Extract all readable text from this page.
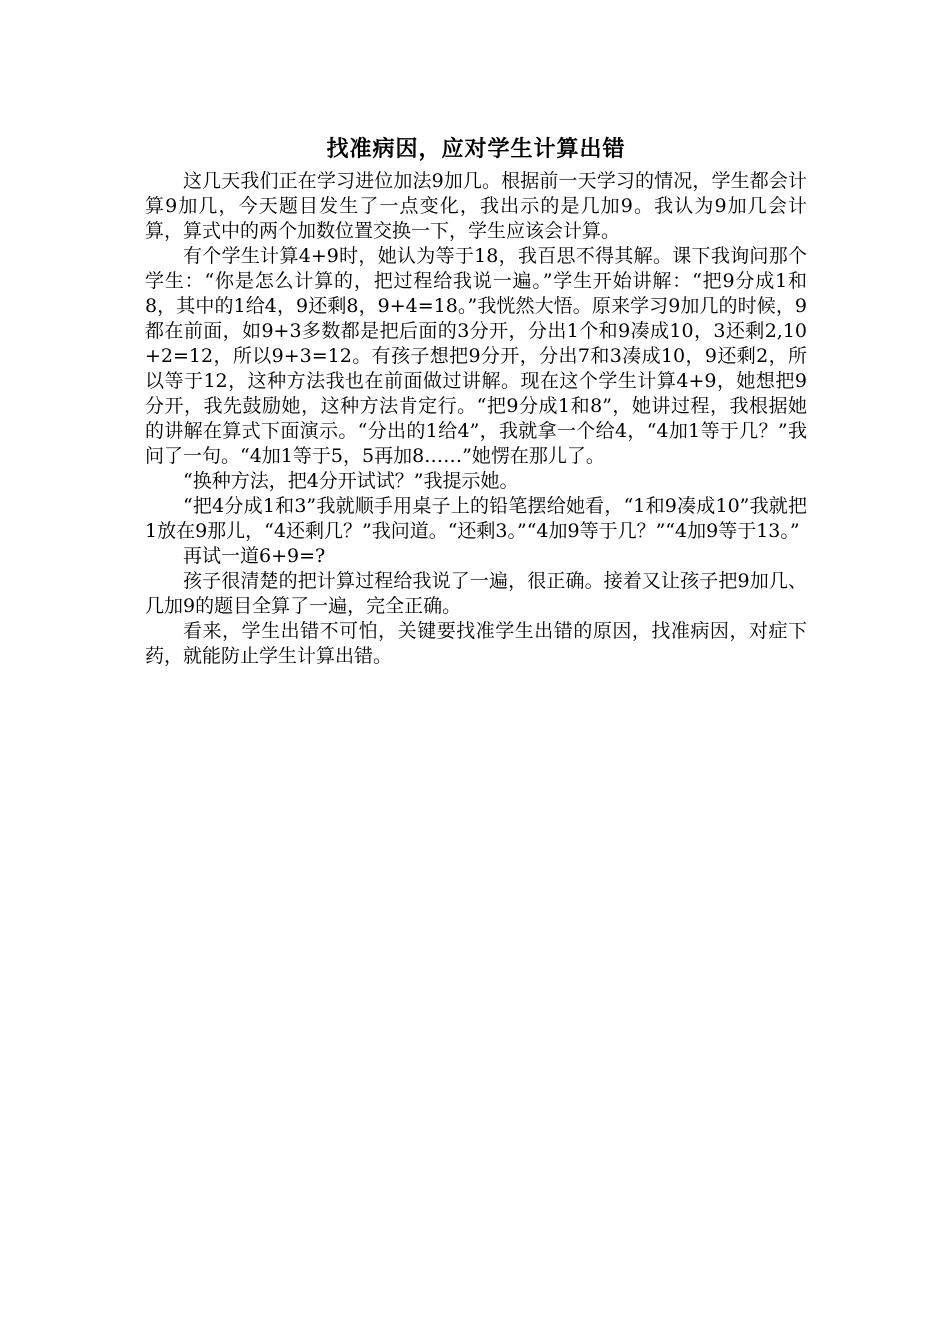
找准病因，应对学生计算出错

这几天我们正在学习进位加法9加几。根据前一天学习的情况，学生都会计算9加几，今天题目发生了一点变化，我出示的是几加9。我认为9加几会计算，算式中的两个加数位置交换一下，学生应该会计算。

有个学生计算4+9时，她认为等于18，我百思不得其解。课下我询问那个学生：“你是怎么计算的，把过程给我说一遍。”学生开始讲解：“把9分成1和8，其中的1给4，9还剩8，9+4=18。”我恍然大悟。原来学习9加几的时候，9都在前面，如9+3多数都是把后面的3分开，分出1个和9凑成10，3还剩2,10+2=12，所以9+3=12。有孩子想把9分开，分出7和3凑成10，9还剩2，所以等于12，这种方法我也在前面做过讲解。现在这个学生计算4+9，她想把9分开，我先鼓励她，这种方法肯定行。“把9分成1和8”，她讲过程，我根据她的讲解在算式下面演示。“分出的1给4”，我就拿一个给4，“4加1等于几？”我问了一句。“4加1等于5，5再加8……”她愣在那儿了。

“换种方法，把4分开试试？”我提示她。

“把4分成1和3”我就顺手用桌子上的铅笔摆给她看，“1和9凑成10”我就把1放在9那儿，“4还剩几？”我问道。“还剩3。”“4加9等于几？”“4加9等于13。”

再试一道6+9=?

孩子很清楚的把计算过程给我说了一遍，很正确。接着又让孩子把9加几、几加9的题目全算了一遍，完全正确。

看来，学生出错不可怕，关键要找准学生出错的原因，找准病因，对症下药，就能防止学生计算出错。
